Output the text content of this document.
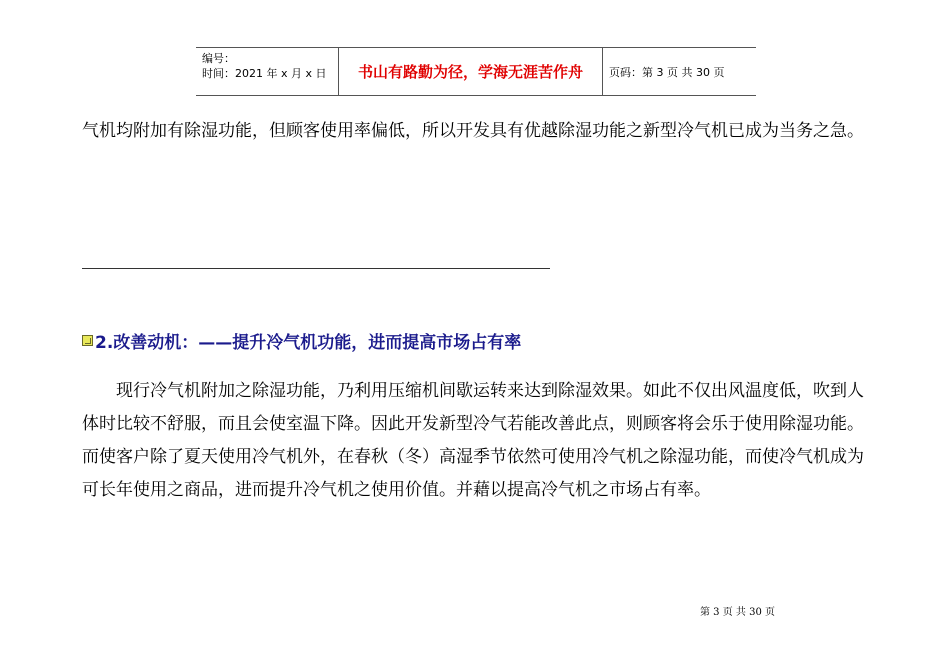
编号：
时间：2021 年 x 月 x 日	书山有路勤为径，学海无涯苦作舟 页码：第 3 页 共 30 页

气机均附加有除湿功能，但顾客使用率偏低，所以开发具有优越除湿功能之新型冷气机已成为当务之急。

2.改善动机：——提升冷气机功能，进而提高市场占有率

现行冷气机附加之除湿功能，乃利用压缩机间歇运转来达到除湿效果。如此不仅出风温度低，吹到人体时比较不舒服，而且会使室温下降。因此开发新型冷气若能改善此点，则顾客将会乐于使用除湿功能。而使客户除了夏天使用冷气机外，在春秋（冬）高湿季节依然可使用冷气机之除湿功能，而使冷气机成为可长年使用之商品，进而提升冷气机之使用价值。并藉以提高冷气机之市场占有率。

第 3 页 共 30 页
